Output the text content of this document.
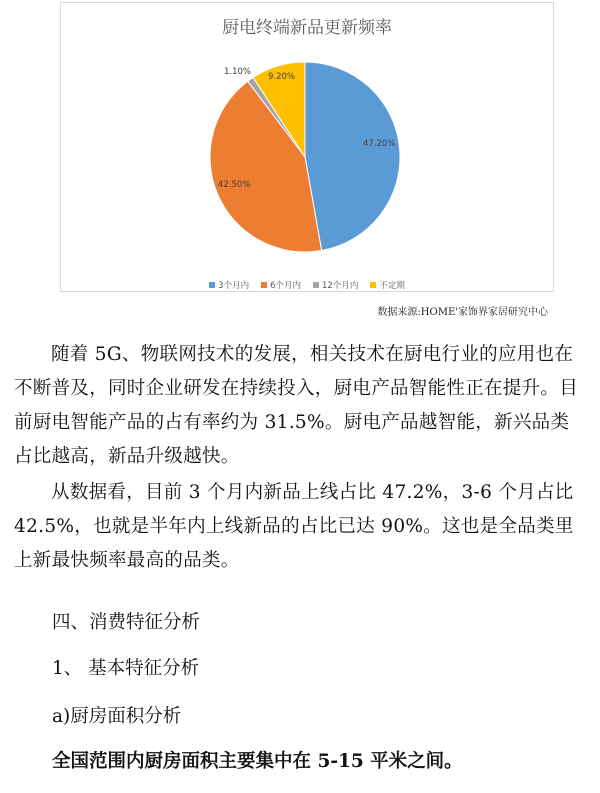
厨电终端新品更新频率
47.20%
42.50%
1.10% 9.20%
3个月内 6个月内 12个月内 不定期
数据来源:HOME'家饰界家居研究中心

随着 5G、物联网技术的发展，相关技术在厨电行业的应用也在不断普及，同时企业研发在持续投入，厨电产品智能性正在提升。目前厨电智能产品的占有率约为 31.5%。厨电产品越智能，新兴品类占比越高，新品升级越快。

从数据看，目前 3 个月内新品上线占比 47.2%，3-6 个月占比 42.5%，也就是半年内上线新品的占比已达 90%。这也是全品类里上新最快频率最高的品类。

四、消费特征分析

1、 基本特征分析

a)厨房面积分析

全国范围内厨房面积主要集中在 5-15 平米之间。
